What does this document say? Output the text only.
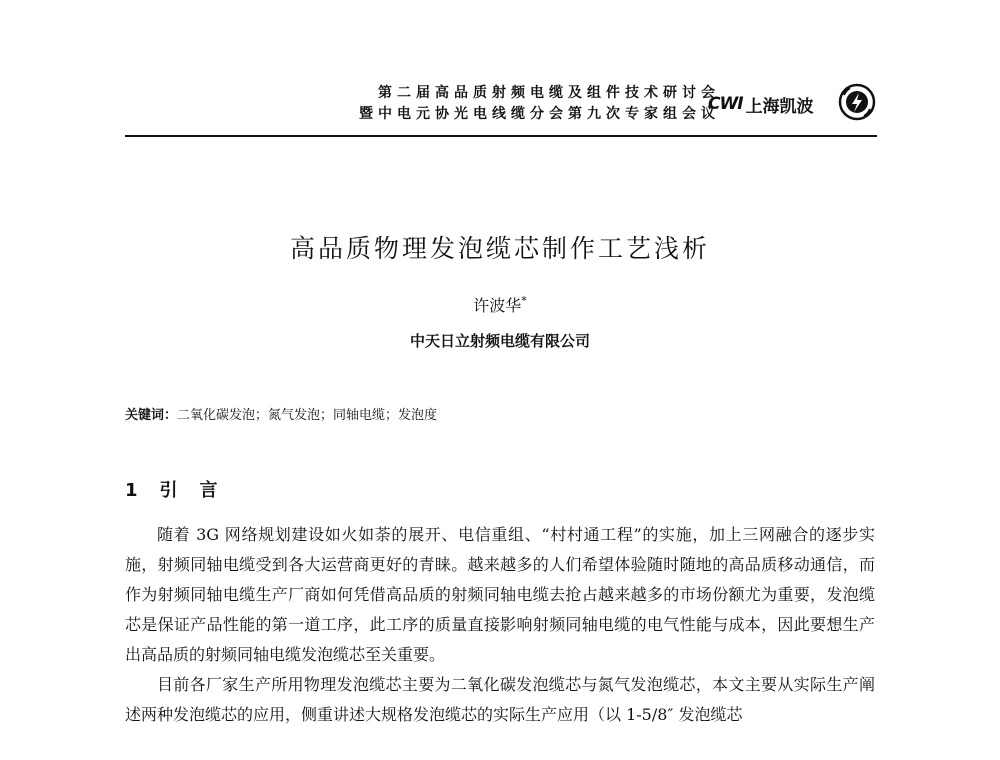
第二届高品质射频电缆及组件技术研讨会
暨中电元协光电线缆分会第九次专家组会议
CWI 上海凯波
高品质物理发泡缆芯制作工艺浅析
许波华*
中天日立射频电缆有限公司
关键词：二氧化碳发泡；氮气发泡；同轴电缆；发泡度
1 引言

随着 3G 网络规划建设如火如荼的展开、电信重组、“村村通工程”的实施，加上三网融合的逐步实施，射频同轴电缆受到各大运营商更好的青睐。越来越多的人们希望体验随时随地的高品质移动通信，而作为射频同轴电缆生产厂商如何凭借高品质的射频同轴电缆去抢占越来越多的市场份额尤为重要，发泡缆芯是保证产品性能的第一道工序，此工序的质量直接影响射频同轴电缆的电气性能与成本，因此要想生产出高品质的射频同轴电缆发泡缆芯至关重要。

目前各厂家生产所用物理发泡缆芯主要为二氧化碳发泡缆芯与氮气发泡缆芯，本文主要从实际生产阐述两种发泡缆芯的应用，侧重讲述大规格发泡缆芯的实际生产应用（以 1-5/8″ 发泡缆芯
